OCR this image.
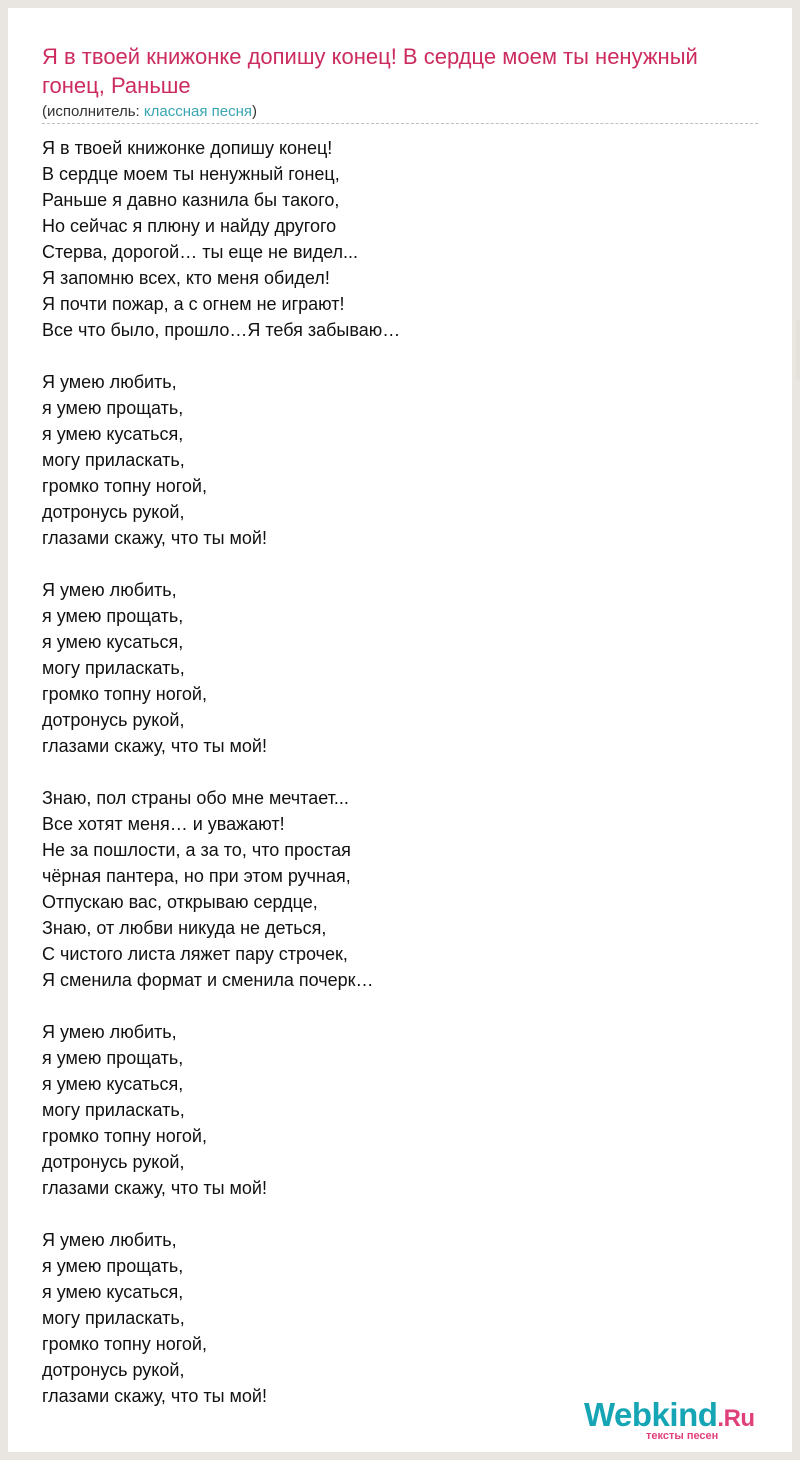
Я в твоей книжонке допишу конец! В сердце моем ты ненужный гонец, Раньше
(исполнитель: классная песня)
Я в твоей книжонке допишу конец!
В сердце моем ты ненужный гонец,
Раньше я давно казнила бы такого,
Но сейчас я плюну и найду другого
Стерва, дорогой… ты еще не видел...
Я запомню всех, кто меня обидел!
Я почти пожар, а с огнем не играют!
Все что было, прошло…Я тебя забываю…
Я умею любить,
я умею прощать,
я умею кусаться,
могу приласкать,
громко топну ногой,
дотронусь рукой,
глазами скажу, что ты мой!
Я умею любить,
я умею прощать,
я умею кусаться,
могу приласкать,
громко топну ногой,
дотронусь рукой,
глазами скажу, что ты мой!
Знаю, пол страны обо мне мечтает...
Все хотят меня… и уважают!
Не за пошлости, а за то, что простая
чёрная пантера, но при этом ручная,
Отпускаю вас, открываю сердце,
Знаю, от любви никуда не деться,
С чистого листа ляжет пару строчек,
Я сменила формат и сменила почерк…
Я умею любить,
я умею прощать,
я умею кусаться,
могу приласкать,
громко топну ногой,
дотронусь рукой,
глазами скажу, что ты мой!
Я умею любить,
я умею прощать,
я умею кусаться,
могу приласкать,
громко топну ногой,
дотронусь рукой,
глазами скажу, что ты мой!	Webkind.Ru
тексты песен
